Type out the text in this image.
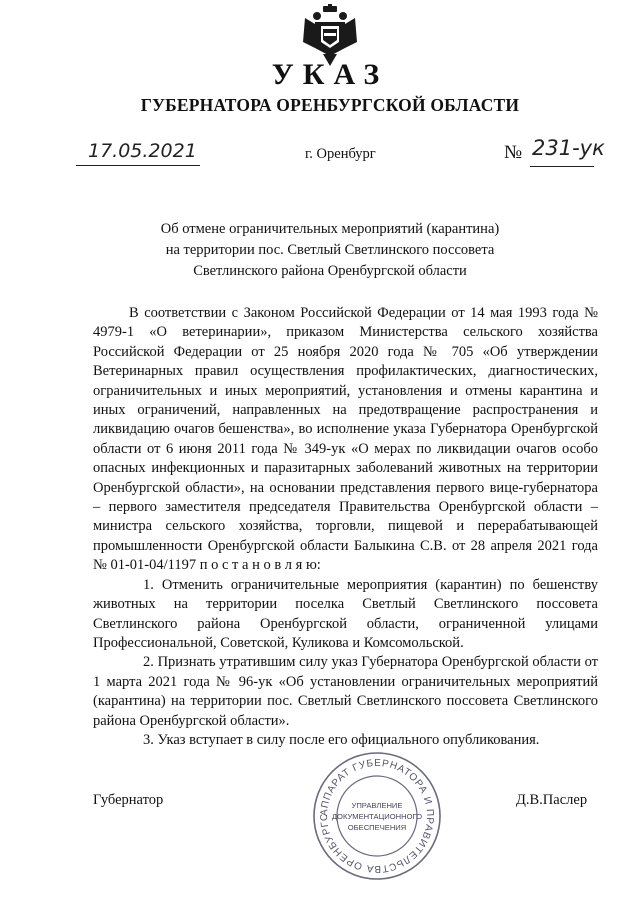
УКАЗ
ГУБЕРНАТОРА ОРЕНБУРГСКОЙ ОБЛАСТИ
17.05.2021	г. Оренбург	№ 231-ук
Об отмене ограничительных мероприятий (карантина)
на территории пос. Светлый Светлинского поссовета
Светлинского района Оренбургской области

В соответствии с Законом Российской Федерации от 14 мая 1993 года № 4979-1 «О ветеринарии», приказом Министерства сельского хозяйства Российской Федерации от 25 ноября 2020 года № 705 «Об утверждении Ветеринарных правил осуществления профилактических, диагностических, ограничительных и иных мероприятий, установления и отмены карантина и иных ограничений, направленных на предотвращение распространения и ликвидацию очагов бешенства», во исполнение указа Губернатора Оренбургской области от 6 июня 2011 года № 349-ук «О мерах по ликвидации очагов особо опасных инфекционных и паразитарных заболеваний животных на территории Оренбургской области», на основании представления первого вице-губернатора – первого заместителя председателя Правительства Оренбургской области – министра сельского хозяйства, торговли, пищевой и перерабатывающей промышленности Оренбургской области Балыкина С.В. от 28 апреля 2021 года № 01-01-04/1197 п о с т а н о в л я ю:

1. Отменить ограничительные мероприятия (карантин) по бешенству животных на территории поселка Светлый Светлинского поссовета Светлинского района Оренбургской области, ограниченной улицами Профессиональной, Советской, Куликова и Комсомольской.

2. Признать утратившим силу указ Губернатора Оренбургской области от 1 марта 2021 года № 96-ук «Об установлении ограничительных мероприятий (карантина) на территории пос. Светлый Светлинского поссовета Светлинского района Оренбургской области».

3. Указ вступает в силу после его официального опубликования.

Губернатор	Д.В.Паслер
АППАРАТ ГУБЕРНАТОРА И ПРАВИТЕЛЬСТВА ОРЕНБУРГС
УПРАВЛЕНИЕ
ДОКУМЕНТАЦИОННОГО
ОБЕСПЕЧЕНИЯ
